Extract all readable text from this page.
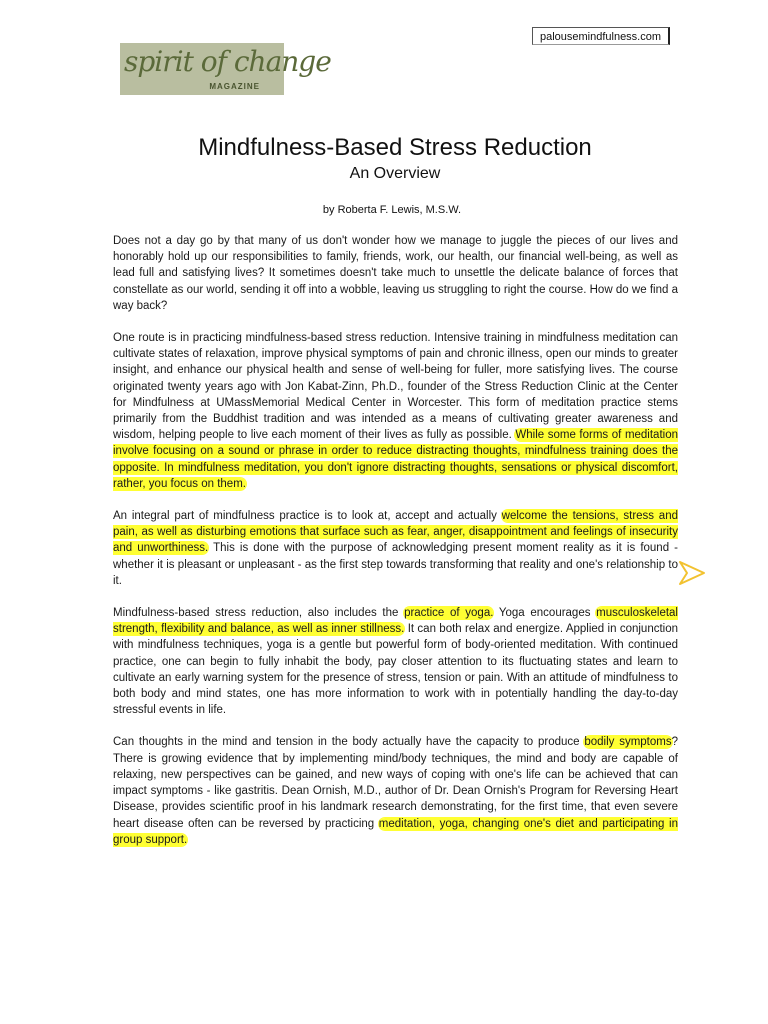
palousemindfulness.com
spirit of change
MAGAZINE
Mindfulness-Based Stress Reduction
An Overview
by Roberta F. Lewis, M.S.W.

Does not a day go by that many of us don't wonder how we manage to juggle the pieces of our lives and honorably hold up our responsibilities to family, friends, work, our health, our financial well-being, as well as lead full and satisfying lives? It sometimes doesn't take much to unsettle the delicate balance of forces that constellate as our world, sending it off into a wobble, leaving us struggling to right the course. How do we find a way back?

One route is in practicing mindfulness-based stress reduction. Intensive training in mindfulness meditation can cultivate states of relaxation, improve physical symptoms of pain and chronic illness, open our minds to greater insight, and enhance our physical health and sense of well-being for fuller, more satisfying lives. The course originated twenty years ago with Jon Kabat-Zinn, Ph.D., founder of the Stress Reduction Clinic at the Center for Mindfulness at UMassMemorial Medical Center in Worcester. This form of meditation practice stems primarily from the Buddhist tradition and was intended as a means of cultivating greater awareness and wisdom, helping people to live each moment of their lives as fully as possible. While some forms of meditation involve focusing on a sound or phrase in order to reduce distracting thoughts, mindfulness training does the opposite. In mindfulness meditation, you don't ignore distracting thoughts, sensations or physical discomfort, rather, you focus on them.

An integral part of mindfulness practice is to look at, accept and actually welcome the tensions, stress and pain, as well as disturbing emotions that surface such as fear, anger, disappointment and feelings of insecurity and unworthiness. This is done with the purpose of acknowledging present moment reality as it is found - whether it is pleasant or unpleasant - as the first step towards transforming that reality and one's relationship to it.

Mindfulness-based stress reduction, also includes the practice of yoga. Yoga encourages musculoskeletal strength, flexibility and balance, as well as inner stillness. It can both relax and energize. Applied in conjunction with mindfulness techniques, yoga is a gentle but powerful form of body-oriented meditation. With continued practice, one can begin to fully inhabit the body, pay closer attention to its fluctuating states and learn to cultivate an early warning system for the presence of stress, tension or pain. With an attitude of mindfulness to both body and mind states, one has more information to work with in potentially handling the day-to-day stressful events in life.

Can thoughts in the mind and tension in the body actually have the capacity to produce bodily symptoms? There is growing evidence that by implementing mind/body techniques, the mind and body are capable of relaxing, new perspectives can be gained, and new ways of coping with one's life can be achieved that can impact symptoms - like gastritis. Dean Ornish, M.D., author of Dr. Dean Ornish's Program for Reversing Heart Disease, provides scientific proof in his landmark research demonstrating, for the first time, that even severe heart disease often can be reversed by practicing meditation, yoga, changing one's diet and participating in group support.
